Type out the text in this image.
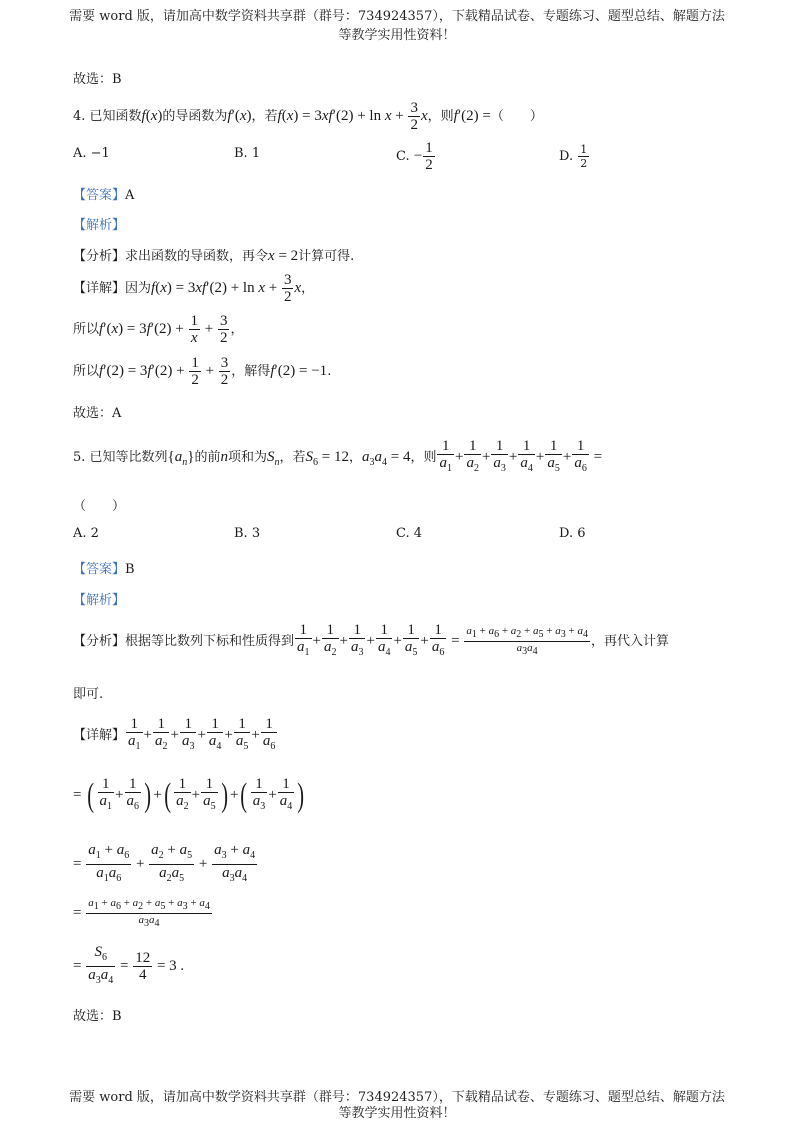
需要 word 版，请加高中数学资料共享群（群号：734924357），下载精品试卷、专题练习、题型总结、解题方法
等教学实用性资料！
故选：B
4. 已知函数f(x)的导函数为f′(x)，若$f(x) = 3xf'(2) + \ln x + \frac{3}{2}$ x，则f′(2) =（　　）
A. −1	B. 1	C. − $\frac{1}{2}$	D. $\frac{1}{2}$
【答案】A
【解析】
【分析】求出函数的导函数，再令x = 2计算可得.
【详解】因为$f(x) = 3xf'(2) + \ln x + \frac{3}{2}$ x，
所以$f'(x) = 3f'(2) + \frac{1}{x} + \frac{3}{2}$ ，
所以$f'(2) = 3f'(2) + \frac{1}{2} + \frac{3}{2}$ ，解得f′(2) = −1.
故选：A
5. 已知等比数列$\{a_n\}$的前n项和为$S_n$，若$S_6 = 12$，$a_3a_4 = 4$，则 $\frac{1}{a_1} + \frac{1}{a_2} + \frac{1}{a_3} + \frac{1}{a_4} + \frac{1}{a_5} + \frac{1}{a_6}$ =
（　　）
A. 2	B. 3	C. 4	D. 6
【答案】B
【解析】
【分析】根据等比数列下标和性质得到 $\frac{1}{a_1} + \frac{1}{a_2} + \frac{1}{a_3} + \frac{1}{a_4} + \frac{1}{a_5} + \frac{1}{a_6} = \frac{a_1 + a_6 + a_2 + a_5 + a_3 + a_4}{a_3a_4}$ ，再代入计算
即可.
【详解】 $\frac{1}{a_1} + \frac{1}{a_2} + \frac{1}{a_3} + \frac{1}{a_4} + \frac{1}{a_5} + \frac{1}{a_6}$
= ( $\frac{1}{a_1} + \frac{1}{a_6}$ ) +( $\frac{1}{a_2} + \frac{1}{a_5}$ ) +( $\frac{1}{a_3} + \frac{1}{a_4}$ )
= $\frac{a_1 + a_6}{a_1a_6} + \frac{a_2 + a_5}{a_2a_5} + \frac{a_3 + a_4}{a_3a_4}$
= $\frac{a_1 + a_6 + a_2 + a_5 + a_3 + a_4}{a_3a_4}$
= $\frac{S_6}{a_3a_4} = \frac{12}{4} = 3$ .
故选：B
需要 word 版，请加高中数学资料共享群（群号：734924357），下载精品试卷、专题练习、题型总结、解题方法
等教学实用性资料！
